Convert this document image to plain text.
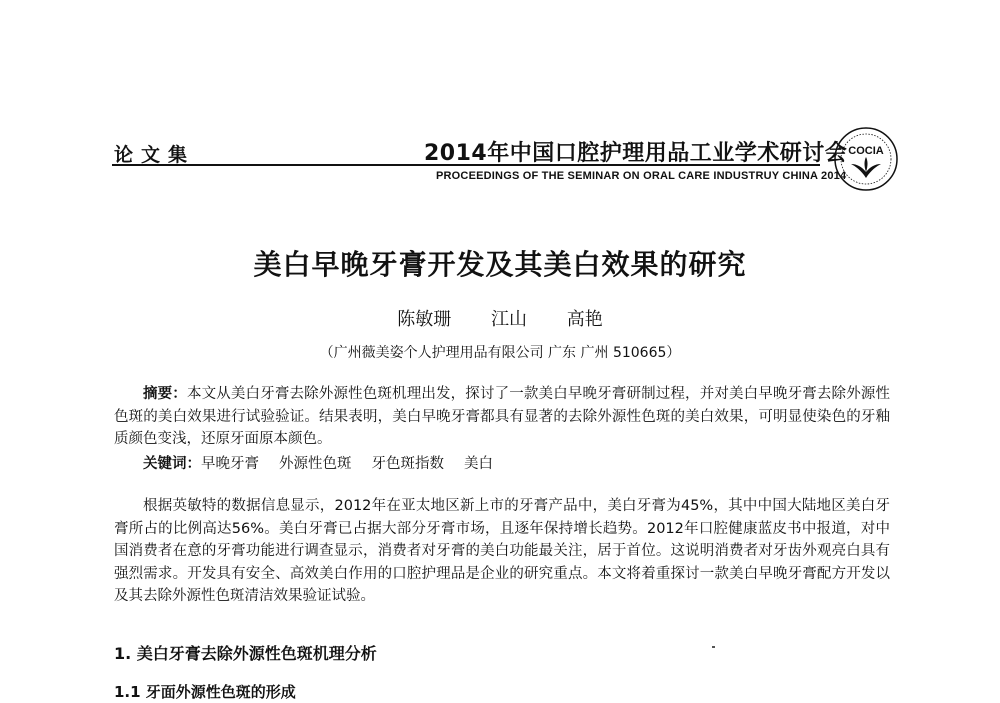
论文集	2014年中国口腔护理用品工业学术研讨会
PROCEEDINGS OF THE SEMINAR ON ORAL CARE INDUSTRUY CHINA 2014
COCIA
美白早晚牙膏开发及其美白效果的研究
陈敏珊 江山 高艳
（广州薇美姿个人护理用品有限公司 广东 广州 510665）
摘要：本文从美白牙膏去除外源性色斑机理出发，探讨了一款美白早晚牙膏研制过程，并对美白早晚牙膏去除外源性色斑的美白效果进行试验验证。结果表明，美白早晚牙膏都具有显著的去除外源性色斑的美白效果，可明显使染色的牙釉质颜色变浅，还原牙面原本颜色。
关键词：早晚牙膏 外源性色斑 牙色斑指数 美白
根据英敏特的数据信息显示，2012年在亚太地区新上市的牙膏产品中，美白牙膏为45%，其中中国大陆地区美白牙膏所占的比例高达56%。美白牙膏已占据大部分牙膏市场，且逐年保持增长趋势。2012年口腔健康蓝皮书中报道，对中国消费者在意的牙膏功能进行调查显示，消费者对牙膏的美白功能最关注，居于首位。这说明消费者对牙齿外观亮白具有强烈需求。开发具有安全、高效美白作用的口腔护理品是企业的研究重点。本文将着重探讨一款美白早晚牙膏配方开发以及其去除外源性色斑清洁效果验证试验。
1. 美白牙膏去除外源性色斑机理分析
1.1 牙面外源性色斑的形成
